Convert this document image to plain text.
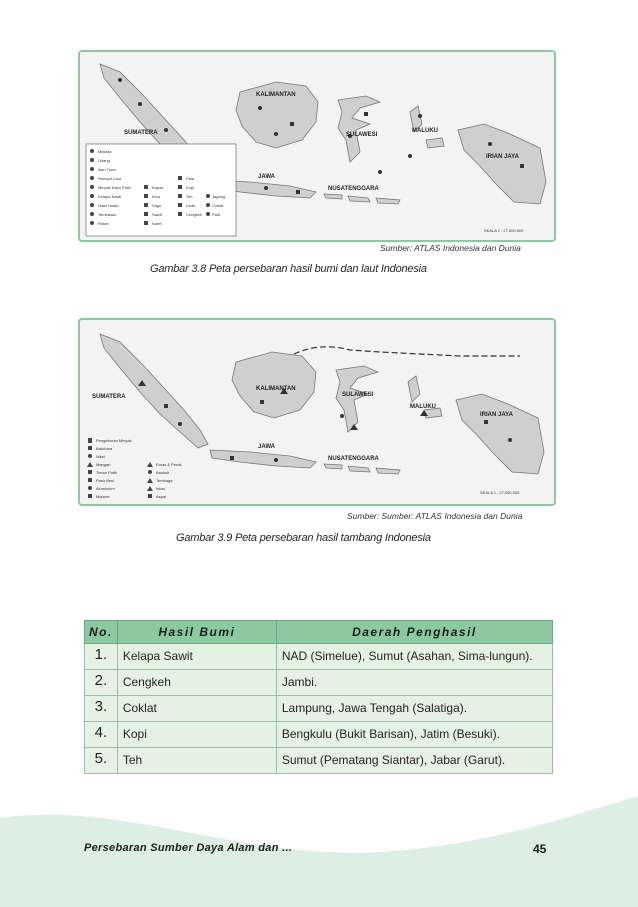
SUMATERA
KALIMANTAN
SULAWESI
MALUKU
IRIAN JAYA
JAWA
NUSATENGGARA
Mutiara
Udang
Ikan Tuna
Rumput Laut
Minyak Kayu Putih
Kelapa Sawit
Hasil Hutan
Tembakau
Rotan
Kapas
Kina
Sagu
Sawit
Karet
Pala
Kopi
Teh
Lada
Cengkeh
Jagung
Coklat
Padi
SKALA 1 : 27.000.000
Sumber: ATLAS Indonesia dan Dunia
Gambar 3.8 Peta persebaran hasil bumi dan laut Indonesia
SUMATERA
KALIMANTAN
SULAWESI
MALUKU
IRIAN JAYA
JAWA
NUSATENGGARA
Pengeboran Minyak
Batubara
Nikel
Mangan
Timah Putih
Pasir Besi
Aluminium
Marmer
Emas & Perak
Bauksit
Tembaga
Intan
Aspal
SKALA 1 : 27.000.000
Sumber: Sumber: ATLAS Indonesia dan Dunia
Gambar 3.9 Peta persebaran hasil tambang Indonesia
No.	Hasil Bumi	Daerah Penghasil
1.	Kelapa Sawit	NAD (Simelue), Sumut (Asahan, Sima-lungun).
2.	Cengkeh	Jambi.
3.	Coklat	Lampung, Jawa Tengah (Salatiga).
4.	Kopi	Bengkulu (Bukit Barisan), Jatim (Besuki).
5.	Teh	Sumut (Pematang Siantar), Jabar (Garut).
Persebaran Sumber Daya Alam dan ...	45
